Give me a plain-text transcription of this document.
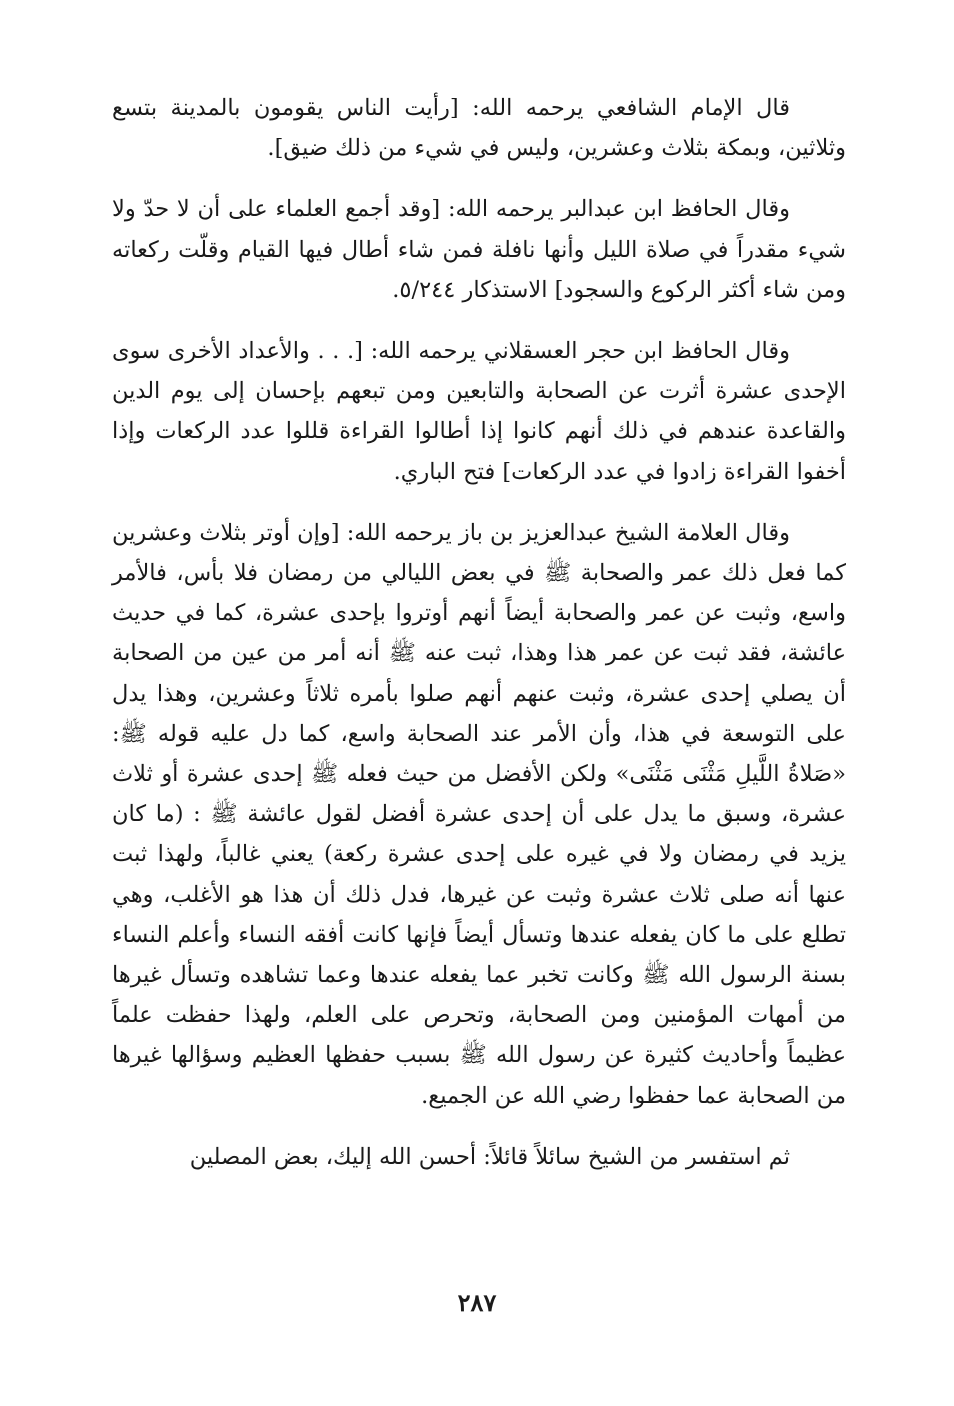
قال الإمام الشافعي يرحمه الله: [رأيت الناس يقومون بالمدينة بتسع وثلاثين، وبمكة بثلاث وعشرين، وليس في شيء من ذلك ضيق].

وقال الحافظ ابن عبدالبر يرحمه الله: [وقد أجمع العلماء على أن لا حدّ ولا شيء مقدراً في صلاة الليل وأنها نافلة فمن شاء أطال فيها القيام وقلّت ركعاته ومن شاء أكثر الركوع والسجود] الاستذكار ٥/٢٤٤.

وقال الحافظ ابن حجر العسقلاني يرحمه الله: [. . . والأعداد الأخرى سوى الإحدى عشرة أثرت عن الصحابة والتابعين ومن تبعهم بإحسان إلى يوم الدين والقاعدة عندهم في ذلك أنهم كانوا إذا أطالوا القراءة قللوا عدد الركعات وإذا أخفوا القراءة زادوا في عدد الركعات] فتح الباري.

وقال العلامة الشيخ عبدالعزيز بن باز يرحمه الله: [وإن أوتر بثلاث وعشرين كما فعل ذلك عمر والصحابة ﷺ في بعض الليالي من رمضان فلا بأس، فالأمر واسع، وثبت عن عمر والصحابة أيضاً أنهم أوتروا بإحدى عشرة، كما في حديث عائشة، فقد ثبت عن عمر هذا وهذا، ثبت عنه ﷺ أنه أمر من عين من الصحابة أن يصلي إحدى عشرة، وثبت عنهم أنهم صلوا بأمره ثلاثاً وعشرين، وهذا يدل على التوسعة في هذا، وأن الأمر عند الصحابة واسع، كما دل عليه قوله ﷺ: «صَلاةُ اللَّيلِ مَثْنَى مَثْنَى» ولكن الأفضل من حيث فعله ﷺ إحدى عشرة أو ثلاث عشرة، وسبق ما يدل على أن إحدى عشرة أفضل لقول عائشة ﷺ : (ما كان يزيد في رمضان ولا في غيره على إحدى عشرة ركعة) يعني غالباً، ولهذا ثبت عنها أنه صلى ثلاث عشرة وثبت عن غيرها، فدل ذلك أن هذا هو الأغلب، وهي تطلع على ما كان يفعله عندها وتسأل أيضاً فإنها كانت أفقه النساء وأعلم النساء بسنة الرسول الله ﷺ وكانت تخبر عما يفعله عندها وعما تشاهده وتسأل غيرها من أمهات المؤمنين ومن الصحابة، وتحرص على العلم، ولهذا حفظت علماً عظيماً وأحاديث كثيرة عن رسول الله ﷺ بسبب حفظها العظيم وسؤالها غيرها من الصحابة عما حفظوا رضي الله عن الجميع.

ثم استفسر من الشيخ سائلاً قائلاً: أحسن الله إليك، بعض المصلين

٢٨٧
